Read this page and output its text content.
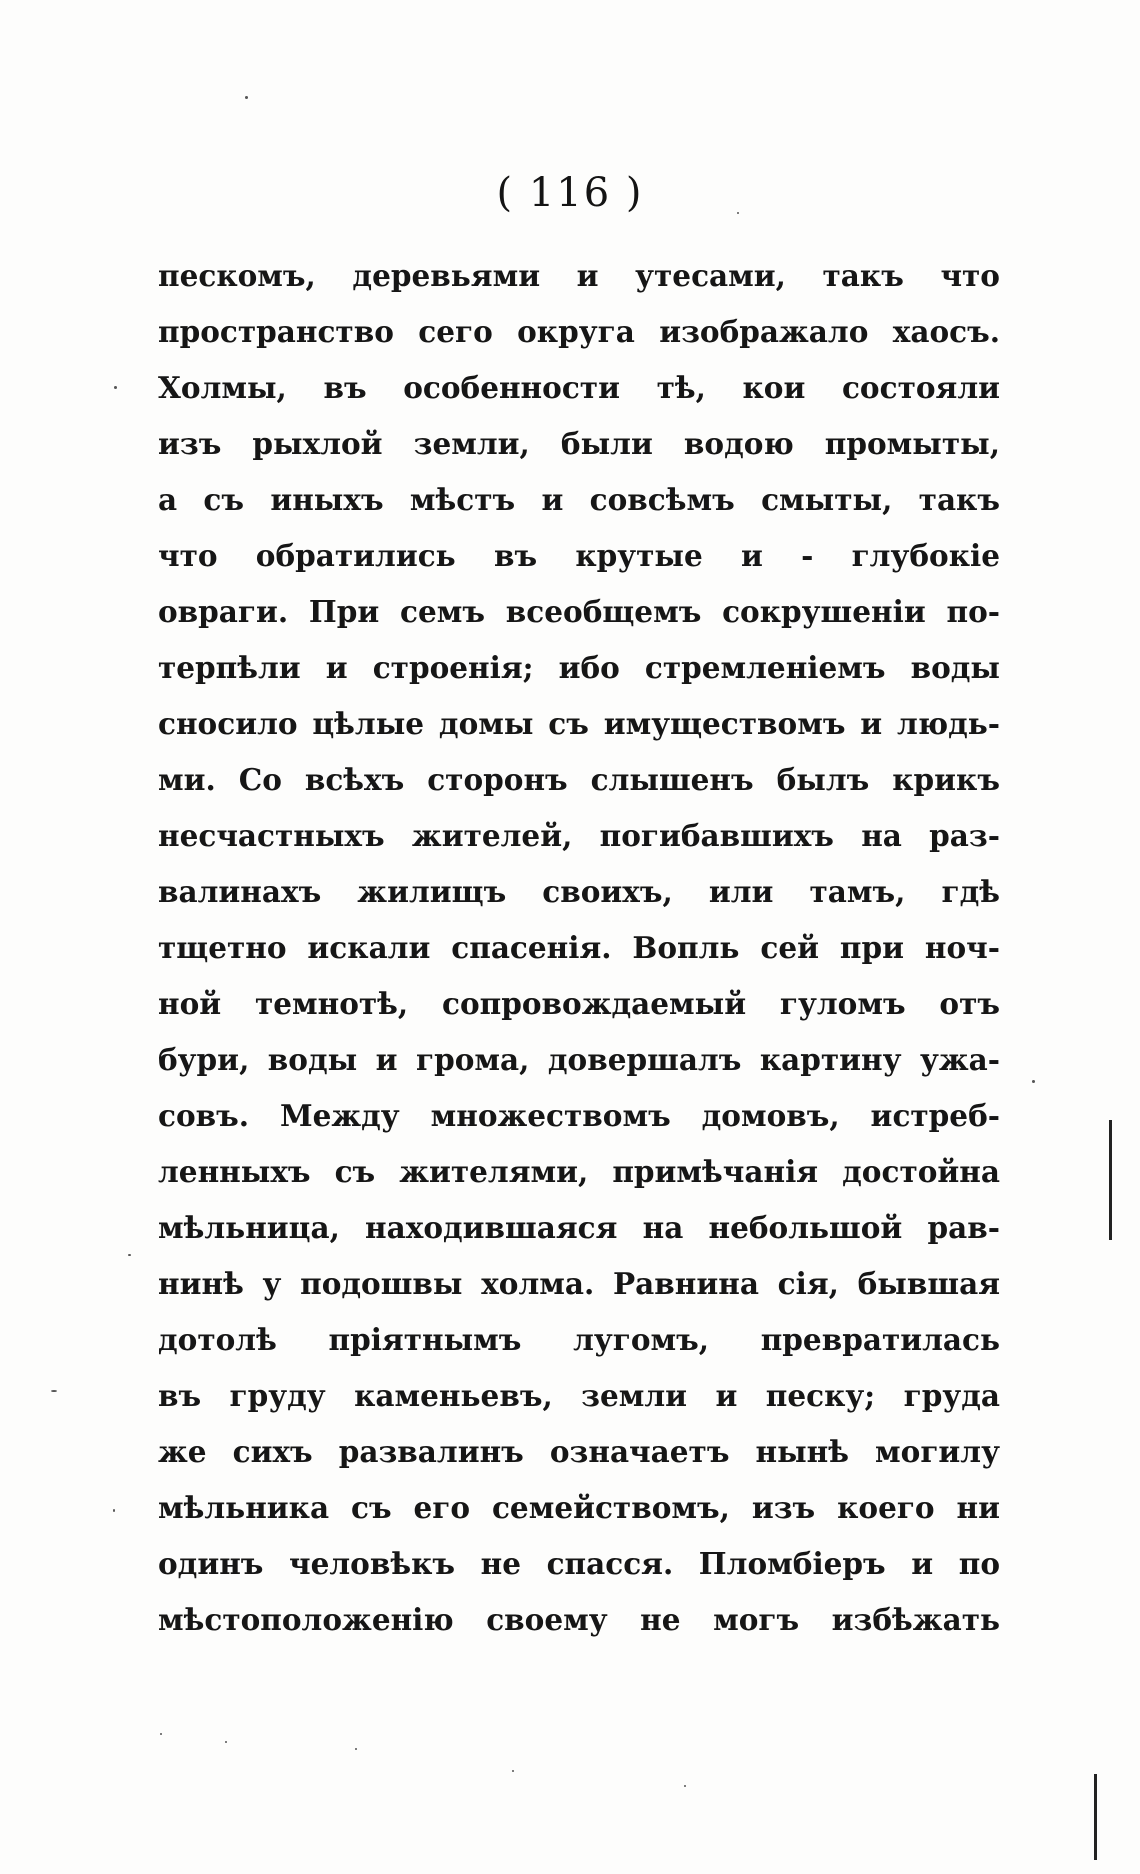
( 116 )
пескомъ, деревьями и утесами, такъ что
пространство сего округа изображало хаосъ.
Холмы, въ особенности тѣ, кои состояли
изъ рыхлой земли, были водою промыты,
а съ иныхъ мѣстъ и совсѣмъ смыты, такъ
что обратились въ крутые и - глубокіе
овраги. При семъ всеобщемъ сокрушеніи по-
терпѣли и строенія; ибо стремленіемъ воды
сносило цѣлые домы съ имуществомъ и людь-
ми. Со всѣхъ сторонъ слышенъ былъ крикъ
несчастныхъ жителей, погибавшихъ на раз-
валинахъ жилищъ своихъ, или тамъ, гдѣ
тщетно искали спасенія. Вопль сей при ноч-
ной темнотѣ, сопровождаемый гуломъ отъ
бури, воды и грома, довершалъ картину ужа-
совъ. Между множествомъ домовъ, истреб-
ленныхъ съ жителями, примѣчанія достойна
мѣльница, находившаяся на небольшой рав-
нинѣ у подошвы холма. Равнина сія, бывшая
дотолѣ пріятнымъ лугомъ, превратилась
въ груду каменьевъ, земли и песку; груда
же сихъ развалинъ означаетъ нынѣ могилу
мѣльника съ его семействомъ, изъ коего ни
одинъ человѣкъ не спасся. Пломбіеръ и по
мѣстоположенію своему не могъ избѣжать
